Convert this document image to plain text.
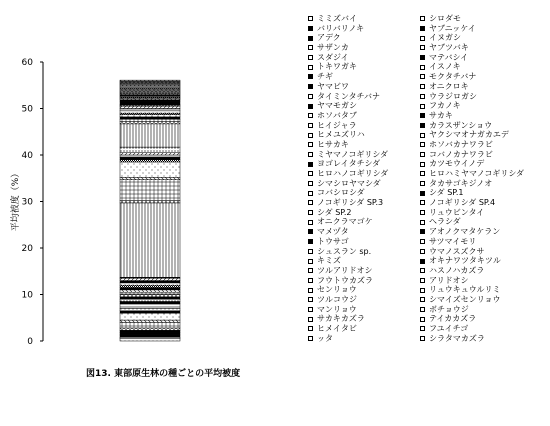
0
10
20
30
40
50
60
平均被度（%）
図13. 東部原生林の種ごとの平均被度
ミミズバイ
バリバリノキ
アデク
サザンカ
スダジイ
トキワガキ
チギ
ヤマビワ
タイミンタチバナ
ヤマモガシ
ホソバタブ
ヒイジャラ
ヒメユズリハ
ヒサカキ
ミヤマノコギリシダ
ヨゴレイタチシダ
ヒロハノコギリシダ
シマシロヤマシダ
コバシロシダ
ノコギリシダ SP.3
シダ SP.2
オニクラマゴケ
マメヅタ
トウサゴ
シュスラン sp.
キミズ
ツルアリドオシ
フウトウカズラ
センリョウ
ツルコウジ
マンリョウ
サカキカズラ
ヒメイタビ
ッタ
シロダモ
ヤブニッケイ
イヌガシ
ヤブツバキ
マテバシイ
イスノキ
モクタチバナ
オニクロキ
ウラジロガシ
フカノキ
サカキ
カラスザンショウ
ヤクシマオナガカエデ
ホソバカナワラビ
コバノカナワラビ
カツモウイノデ
ヒロハミヤマノコギリシダ
タカサゴキジノオ
シダ SP.1
ノコギリシダ SP.4
リュウビンタイ
ヘラシダ
アオノクマタケラン
サツマイモリ
ウマノスズクサ
オキナワツタキツル
ハスノハカズラ
アリドオシ
リュウキュウルリミ
シマイズセンリョウ
ボチョウジ
テイカカズラ
フユイチゴ
シラタマカズラ
